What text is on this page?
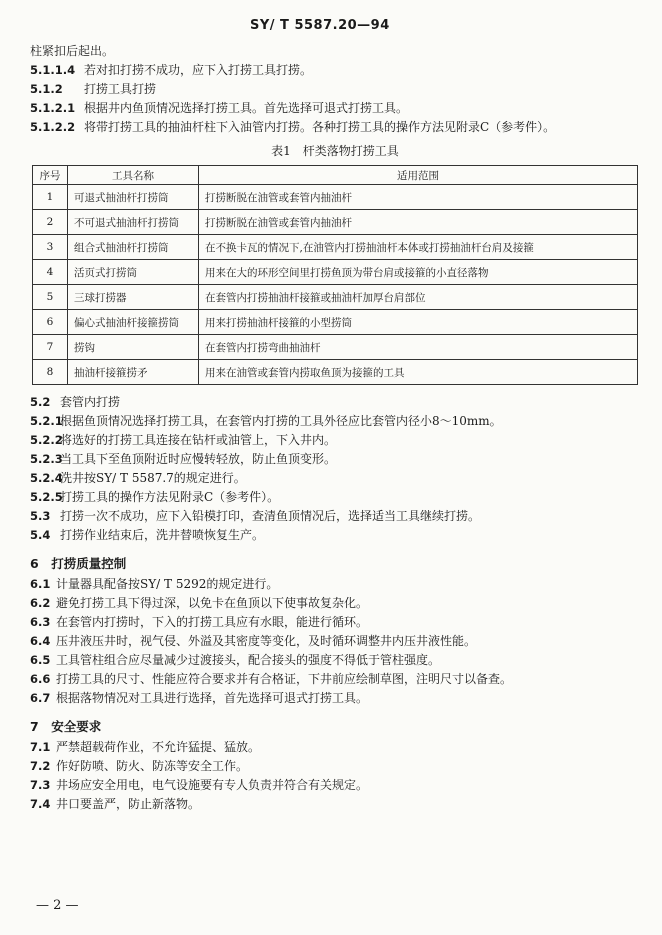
SY/ T 5587.20—94
柱紧扣后起出。
5.1.1.4 若对扣打捞不成功，应下入打捞工具打捞。
5.1.2 打捞工具打捞
5.1.2.1 根据井内鱼顶情况选择打捞工具。首先选择可退式打捞工具。
5.1.2.2 将带打捞工具的抽油杆柱下入油管内打捞。各种打捞工具的操作方法见附录C（参考件）。
表1　杆类落物打捞工具
序号	工具名称	适用范围
1	可退式抽油杆打捞筒	打捞断脱在油管或套管内抽油杆
2	不可退式抽油杆打捞筒	打捞断脱在油管或套管内抽油杆
3	组合式抽油杆打捞筒	在不换卡瓦的情况下,在油管内打捞抽油杆本体或打捞抽油杆台肩及接箍
4	活页式打捞筒	用来在大的环形空间里打捞鱼顶为带台肩或接箍的小直径落物
5	三球打捞器	在套管内打捞抽油杆接箍或抽油杆加厚台肩部位
6	偏心式抽油杆接箍捞筒	用来打捞抽油杆接箍的小型捞筒
7	捞钩	在套管内打捞弯曲抽油杆
8	抽油杆接箍捞矛	用来在油管或套管内捞取鱼顶为接箍的工具
5.2 套管内打捞
5.2.1根据鱼顶情况选择打捞工具，在套管内打捞的工具外径应比套管内径小8～10mm。
5.2.2将选好的打捞工具连接在钻杆或油管上，下入井内。
5.2.3当工具下至鱼顶附近时应慢转轻放，防止鱼顶变形。
5.2.4洗井按SY/ T 5587.7的规定进行。
5.2.5打捞工具的操作方法见附录C（参考件）。
5.3 打捞一次不成功，应下入铅模打印，查清鱼顶情况后，选择适当工具继续打捞。
5.4 打捞作业结束后，洗井替喷恢复生产。
6　打捞质量控制
6.1 计量器具配备按SY/ T 5292的规定进行。
6.2 避免打捞工具下得过深，以免卡在鱼顶以下使事故复杂化。
6.3 在套管内打捞时，下入的打捞工具应有水眼，能进行循环。
6.4 压井液压井时，视气侵、外溢及其密度等变化，及时循环调整井内压井液性能。
6.5 工具管柱组合应尽量减少过渡接头，配合接头的强度不得低于管柱强度。
6.6 打捞工具的尺寸、性能应符合要求并有合格证，下井前应绘制草图，注明尺寸以备查。
6.7 根据落物情况对工具进行选择，首先选择可退式打捞工具。
7　安全要求
7.1 严禁超载荷作业，不允许猛提、猛放。
7.2 作好防喷、防火、防冻等安全工作。
7.3 井场应安全用电，电气设施要有专人负责并符合有关规定。
7.4 井口要盖严，防止新落物。
— 2 —
